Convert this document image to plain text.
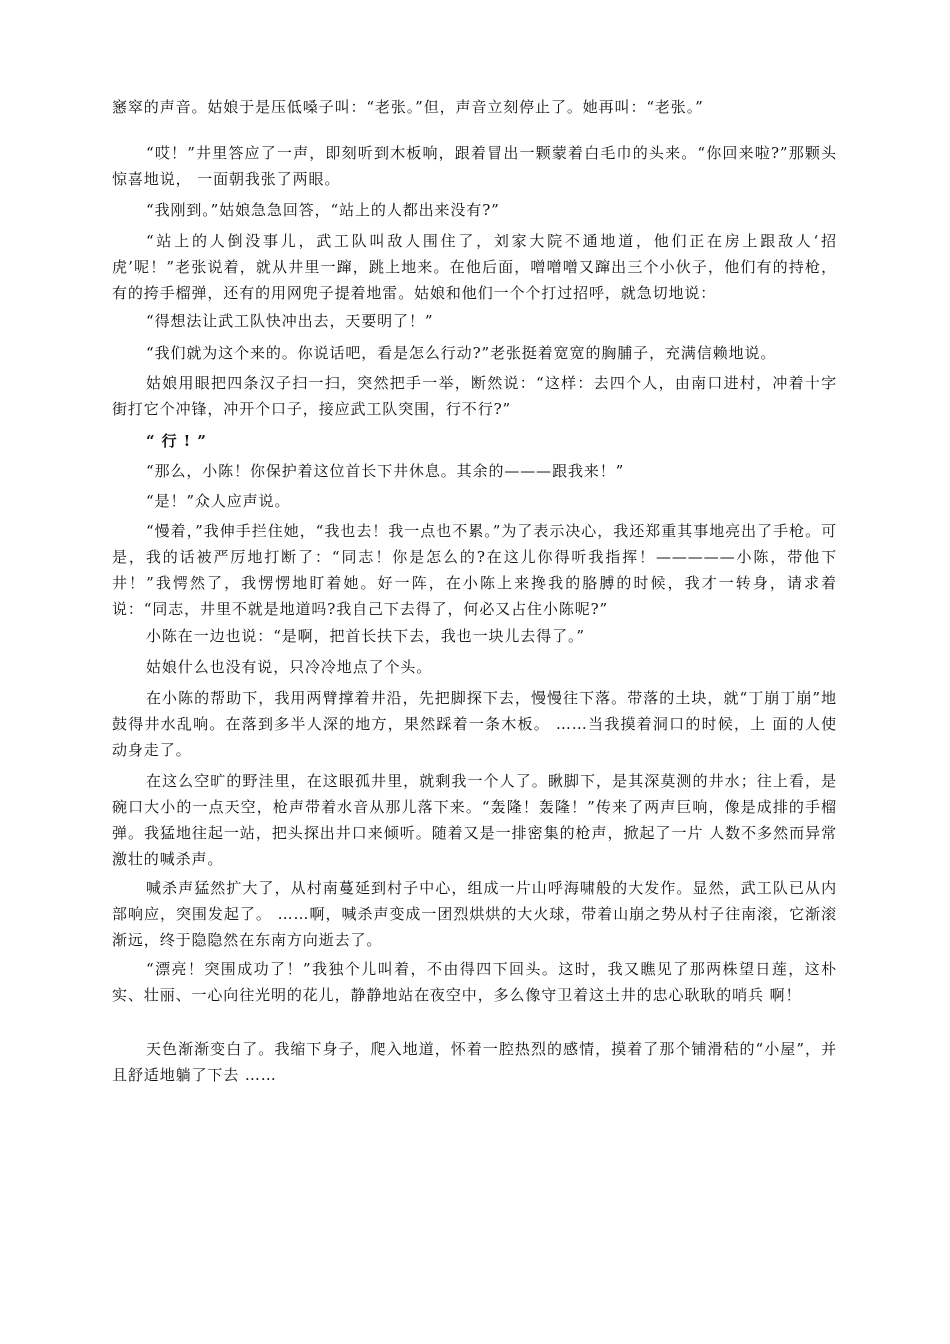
窸窣的声音。姑娘于是压低嗓子叫：“老张。”但，声音立刻停止了。她再叫：“老张。”

“哎！”井里答应了一声，即刻听到木板响，跟着冒出一颗蒙着白毛巾的头来。“你回来啦?”那颗头惊喜地说， 一面朝我张了两眼。

“我刚到。”姑娘急急回答，“站上的人都出来没有?”

“站上的人倒没事儿，武工队叫敌人围住了，刘家大院不通地道，他们正在房上跟敌人‘招虎’呢！”老张说着，就从井里一蹿，跳上地来。在他后面，噌噌噌又蹿出三个小伙子，他们有的持枪，有的挎手榴弹，还有的用网兜子提着地雷。姑娘和他们一个个打过招呼，就急切地说：

“得想法让武工队快冲出去，天要明了！”

“我们就为这个来的。你说话吧，看是怎么行动?”老张挺着宽宽的胸脯子，充满信赖地说。

姑娘用眼把四条汉子扫一扫，突然把手一举，断然说：“这样：去四个人，由南口进村，冲着十字街打它个冲锋，冲开个口子，接应武工队突围，行不行?”

“ 行 ! ”

“那么，小陈！你保护着这位首长下井休息。其余的———跟我来！”

“是！”众人应声说。

“慢着，”我伸手拦住她，“我也去！我一点也不累。”为了表示决心，我还郑重其事地亮出了手枪。可是，我的话被严厉地打断了：“同志！你是怎么的?在这儿你得听我指挥！—————小陈，带他下井！”我愕然了，我愣愣地盯着她。好一阵，在小陈上来搀我的胳膊的时候，我才一转身，请求着说：“同志，井里不就是地道吗?我自己下去得了，何必又占住小陈呢?”

小陈在一边也说：“是啊，把首长扶下去，我也一块儿去得了。”

姑娘什么也没有说，只冷冷地点了个头。

在小陈的帮助下，我用两臂撑着井沿，先把脚探下去，慢慢往下落。带落的土块，就“丁崩丁崩”地鼓得井水乱响。在落到多半人深的地方，果然踩着一条木板。 ……当我摸着洞口的时候，上 面的人使动身走了。

在这么空旷的野洼里，在这眼孤井里，就剩我一个人了。瞅脚下，是其深莫测的井水；往上看，是碗口大小的一点天空，枪声带着水音从那儿落下来。“轰隆！轰隆！”传来了两声巨响，像是成排的手榴弹。我猛地往起一站，把头探出井口来倾听。随着又是一排密集的枪声，掀起了一片 人数不多然而异常激壮的喊杀声。

喊杀声猛然扩大了，从村南蔓延到村子中心，组成一片山呼海啸般的大发作。显然，武工队已从内部响应，突围发起了。 ……啊，喊杀声变成一团烈烘烘的大火球，带着山崩之势从村子往南滚，它渐滚渐远，终于隐隐然在东南方向逝去了。

“漂亮！突围成功了！”我独个儿叫着，不由得四下回头。这时，我又瞧见了那两株望日莲，这朴实、壮丽、一心向往光明的花儿，静静地站在夜空中，多么像守卫着这土井的忠心耿耿的哨兵 啊！

天色渐渐变白了。我缩下身子，爬入地道，怀着一腔热烈的感情，摸着了那个铺滑秸的“小屋”，并且舒适地躺了下去 ……
